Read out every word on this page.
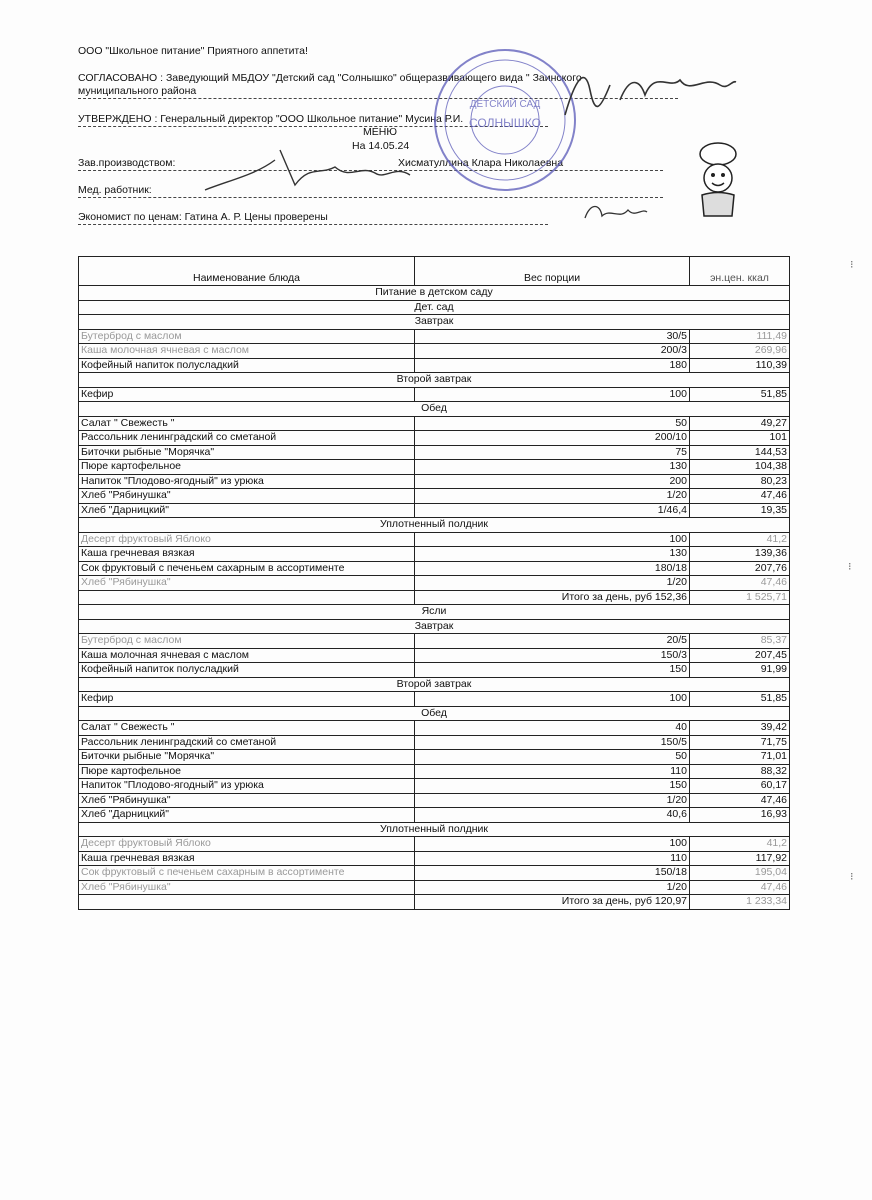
ООО "Школьное питание" Приятного аппетита!
СОГЛАСОВАНО : Заведующий МБДОУ "Детский сад "Солнышко" общеразвивающего вида " Заинского
муниципального района
УТВЕРЖДЕНО : Генеральный директор "ООО Школьное питание" Мусина Р.И.
МЕНЮ
На 14.05.24
Зав.производством:	Хисматуллина Клара Николаевна
Мед. работник:
Экономист по ценам: Гатина А. Р. Цены проверены
ДЕТСКИЙ САД
СОЛНЫШКО
⁝
⁝
⁝
Наименование блюда	Вес порции	эн.цен. ккал
Питание в детском саду		
Дет. сад		
Завтрак		
Бутерброд с маслом	30/5	111,49
Каша молочная ячневая с маслом	200/3	269,96
Кофейный напиток полусладкий	180	110,39
Второй завтрак		
Кефир	100	51,85
Обед		
Салат " Свежесть "	50	49,27
Рассольник ленинградский со сметаной	200/10	101
Биточки рыбные "Морячка"	75	144,53
Пюре картофельное	130	104,38
Напиток "Плодово-ягодный" из урюка	200	80,23
Хлеб "Рябинушка"	1/20	47,46
Хлеб "Дарницкий"	1/46,4	19,35
Уплотненный полдник		
Десерт фруктовый Яблоко	100	41,2
Каша гречневая вязкая	130	139,36
Сок фруктовый с печеньем сахарным в ассортименте	180/18	207,76
Хлеб "Рябинушка"	1/20	47,46
	Итого за день, руб 152,36	1 525,71
Ясли		
Завтрак		
Бутерброд с маслом	20/5	85,37
Каша молочная ячневая с маслом	150/3	207,45
Кофейный напиток полусладкий	150	91,99
Второй завтрак		
Кефир	100	51,85
Обед		
Салат " Свежесть "	40	39,42
Рассольник ленинградский со сметаной	150/5	71,75
Биточки рыбные "Морячка"	50	71,01
Пюре картофельное	110	88,32
Напиток "Плодово-ягодный" из урюка	150	60,17
Хлеб "Рябинушка"	1/20	47,46
Хлеб "Дарницкий"	40,6	16,93
Уплотненный полдник		
Десерт фруктовый Яблоко	100	41,2
Каша гречневая вязкая	110	117,92
Сок фруктовый с печеньем сахарным в ассортименте	150/18	195,04
Хлеб "Рябинушка"	1/20	47,46
	Итого за день, руб 120,97	1 233,34
